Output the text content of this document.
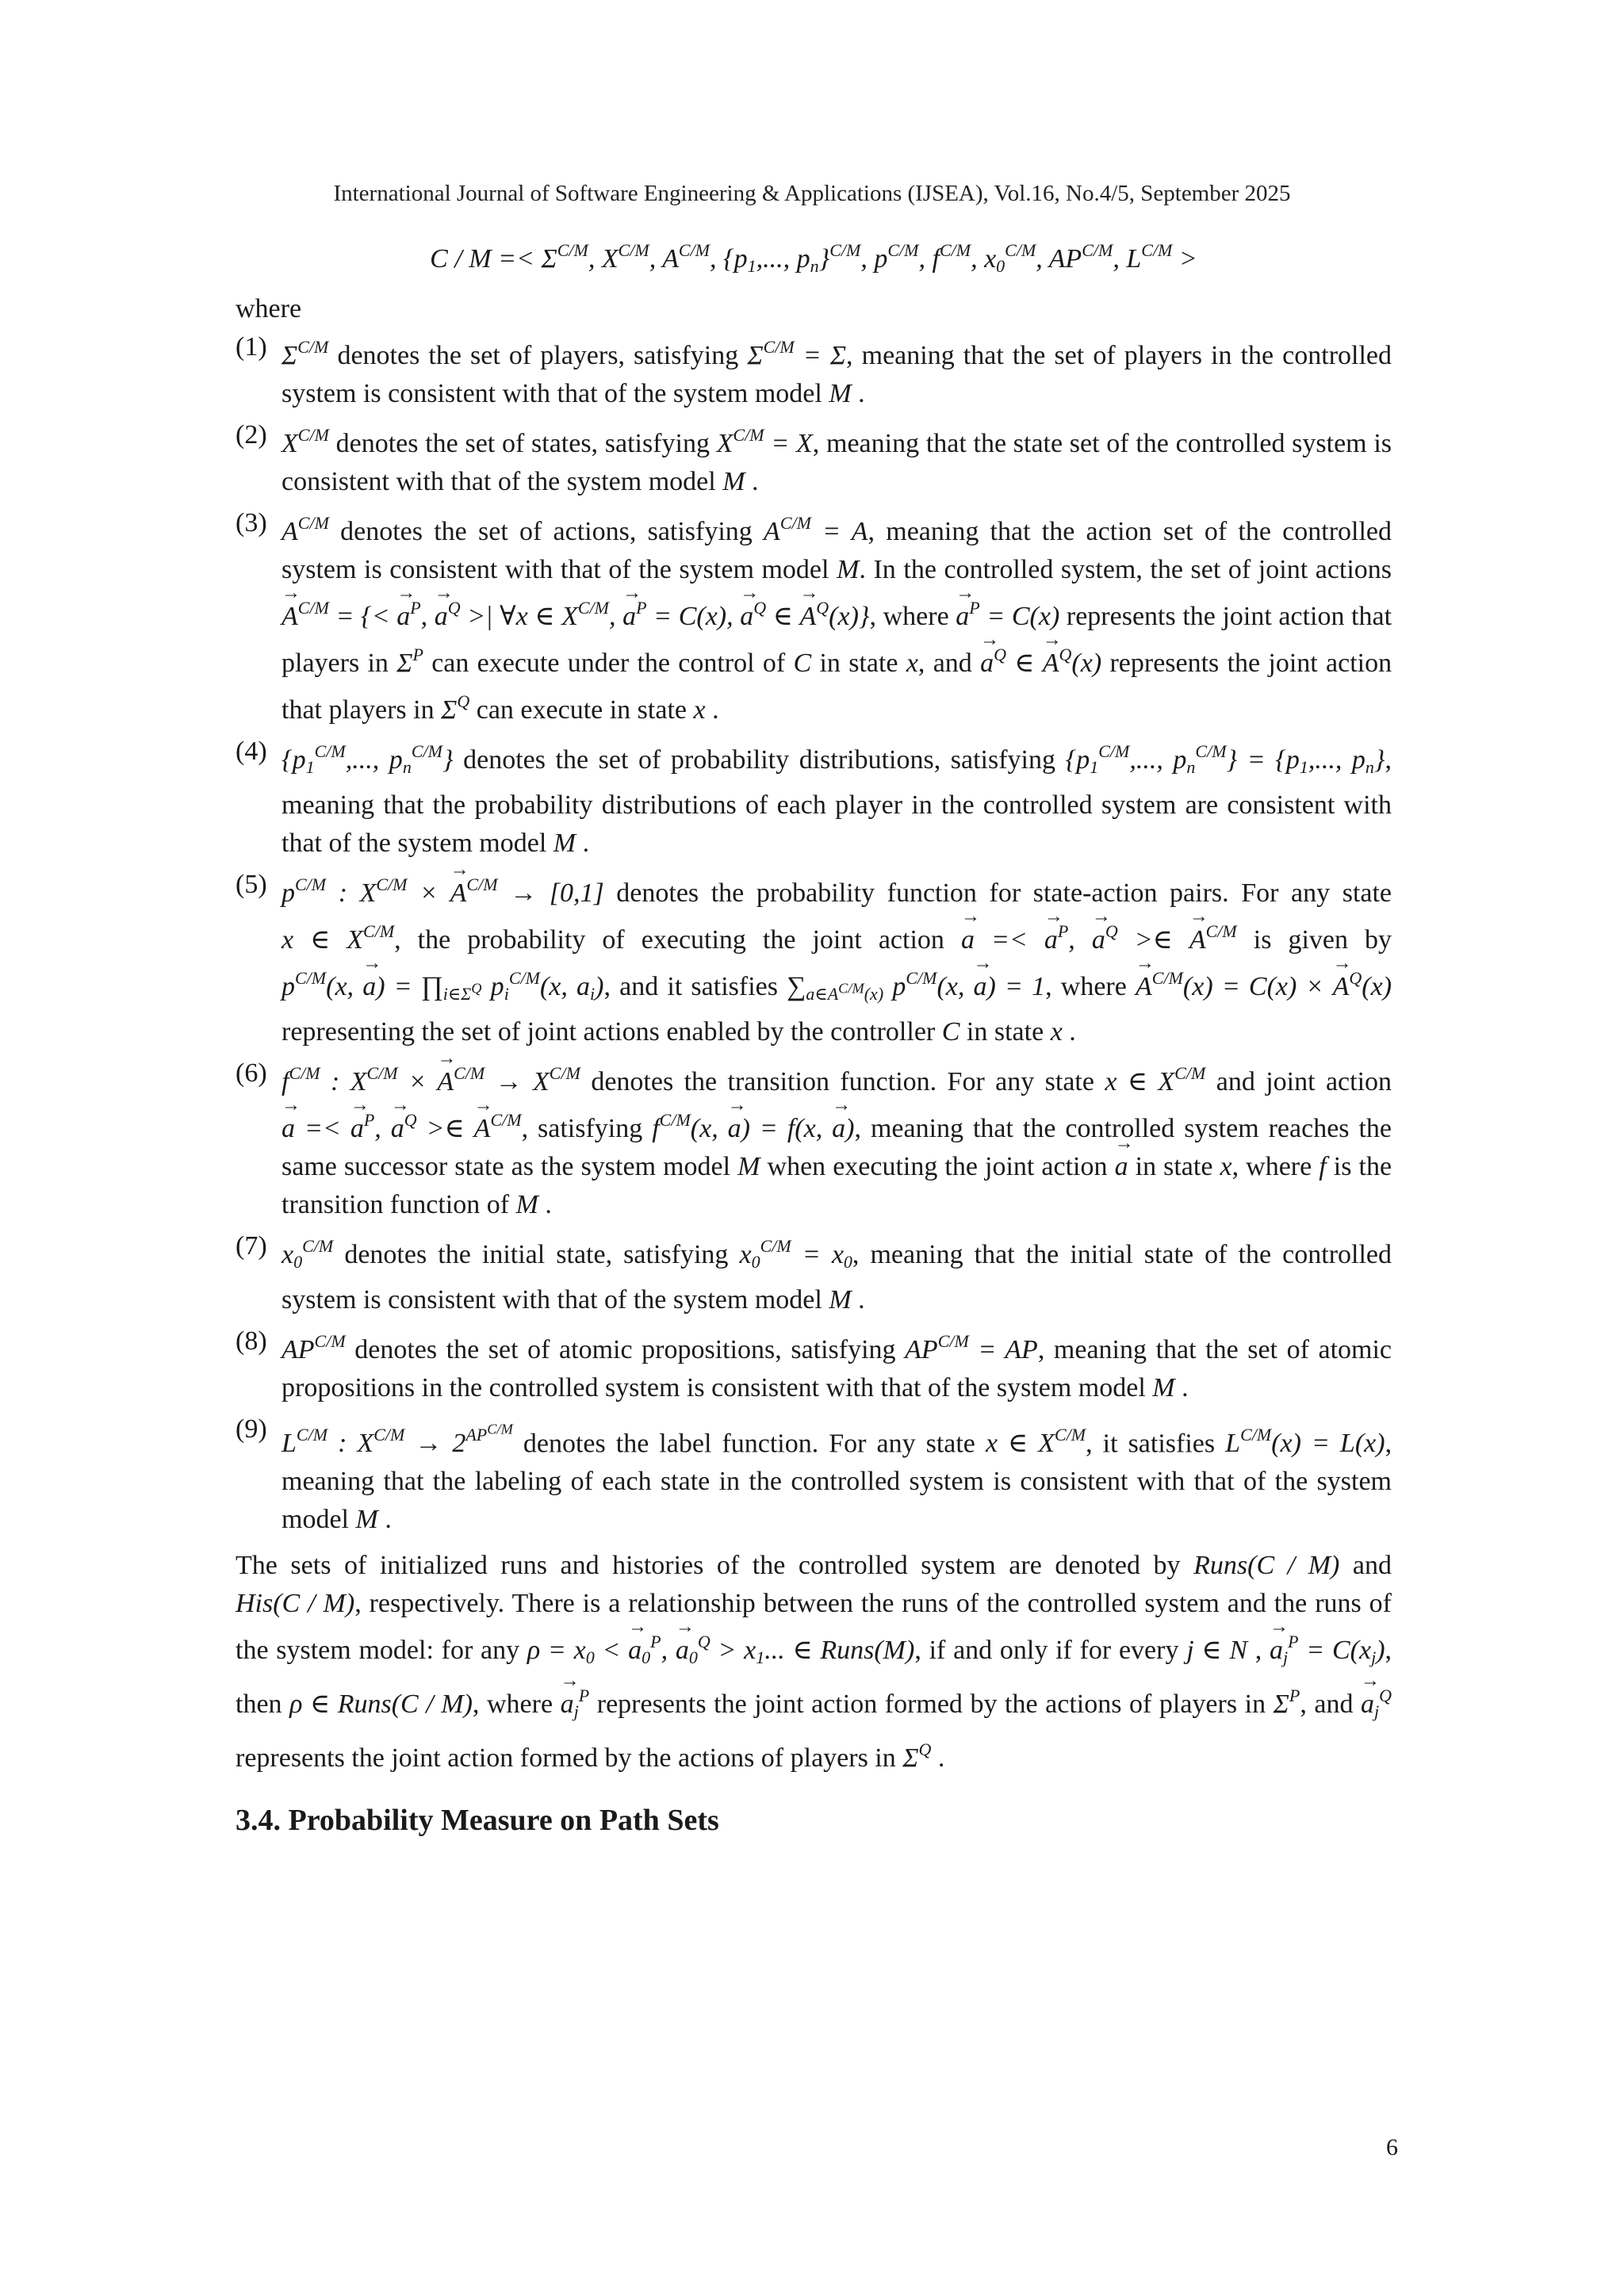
International Journal of Software Engineering & Applications (IJSEA), Vol.16, No.4/5, September 2025
$C / M =< \Sigma^{C/M}$, $X^{C/M}$, $A^{C/M}$, {$p_1$,..., $p_n\}^{C/M}$, $p^{C/M}$, $f^{C/M}$, $x_0^{C/M}$, $AP^{C/M}$, $L^{C/M}$ >
where
(1) $\Sigma^{C/M}$ denotes the set of players, satisfying $\Sigma^{C/M} = \Sigma$, meaning that the set of players in the controlled system is consistent with that of the system model M .
(2) $X^{C/M}$ denotes the set of states, satisfying $X^{C/M} = X$, meaning that the state set of the controlled system is consistent with that of the system model M .
(3) $A^{C/M}$ denotes the set of actions, satisfying $A^{C/M} = A$, meaning that the action set of the controlled system is consistent with that of the system model M. In the controlled system, the set of joint actions → $A^{C/M}$ = {< → $a^P$, → $a^Q$ >| ∀x ∈ $X^{C/M}$, → $a^P = C(x)$, → $a^Q$ ∈ → $A^Q(x)$}, where → $a^P = C(x)$ represents the joint action that players in $\Sigma^P$ can execute under the control of C in state x, and → $a^Q$ ∈ → $A^Q(x)$ represents the joint action that players in $\Sigma^Q$ can execute in state x .
(4) {$p_1^{C/M}$,..., $p_n^{C/M}$} denotes the set of probability distributions, satisfying {$p_1^{C/M}$,..., $p_n^{C/M}\} = \{p_1$,..., $p_n$}, meaning that the probability distributions of each player in the controlled system are consistent with that of the system model M .
(5) $p^{C/M}$ : $X^{C/M}$ × → $A^{C/M} \to [0,1]$ denotes the probability function for state-action pairs. For any state x ∈ $X^{C/M}$, the probability of executing the joint action → a =< → $a^P$, → $a^Q$ >∈ → $A^{C/M}$ is given by $p^{C/M}(x$, → $a) = \prod_{i\in\Sigma^Q}$ $p_i^{C/M}(x$, $a_i$), and it satisfies $\sum_{a\in A^{C/M}(x)}$ $p^{C/M}(x$, → a) = 1, where → $A^{C/M}(x) = C(x)$ × → $A^Q(x)$ representing the set of joint actions enabled by the controller C in state x .
(6) $f^{C/M}$ : $X^{C/M}$ × → $A^{C/M} \to X^{C/M}$ denotes the transition function. For any state x ∈ $X^{C/M}$ and joint action → a =< → $a^P$, → $a^Q$ >∈ → $A^{C/M}$, satisfying $f^{C/M}(x$, → a) = f(x, → a), meaning that the controlled system reaches the same successor state as the system model M when executing the joint action → a in state x, where f is the transition function of M .
(7) $x_0^{C/M}$ denotes the initial state, satisfying $x_0^{C/M} = x_0$, meaning that the initial state of the controlled system is consistent with that of the system model M .
(8) $AP^{C/M}$ denotes the set of atomic propositions, satisfying $AP^{C/M}$ = AP, meaning that the set of atomic propositions in the controlled system is consistent with that of the system model M .
(9) $L^{C/M}$ : $X^{C/M} \to 2^{AP^{C/M}}$ denotes the label function. For any state x ∈ $X^{C/M}$, it satisfies $L^{C/M}(x) = L(x)$, meaning that the labeling of each state in the controlled system is consistent with that of the system model M .

The sets of initialized runs and histories of the controlled system are denoted by Runs(C / M) and His(C / M), respectively. There is a relationship between the runs of the controlled system and the runs of the system model: for any $\rho = x_0$ < → $a_0^P$, → $a_0^Q > x_1$... ∈ Runs(M), if and only if for every j ∈ N , → $a_j^P = C(x_j)$, then ρ ∈ Runs(C / M), where → $a_j^P$ represents the joint action formed by the actions of players in $\Sigma^P$, and → $a_j^Q$ represents the joint action formed by the actions of players in $\Sigma^Q$ .

3.4. Probability Measure on Path Sets
6
